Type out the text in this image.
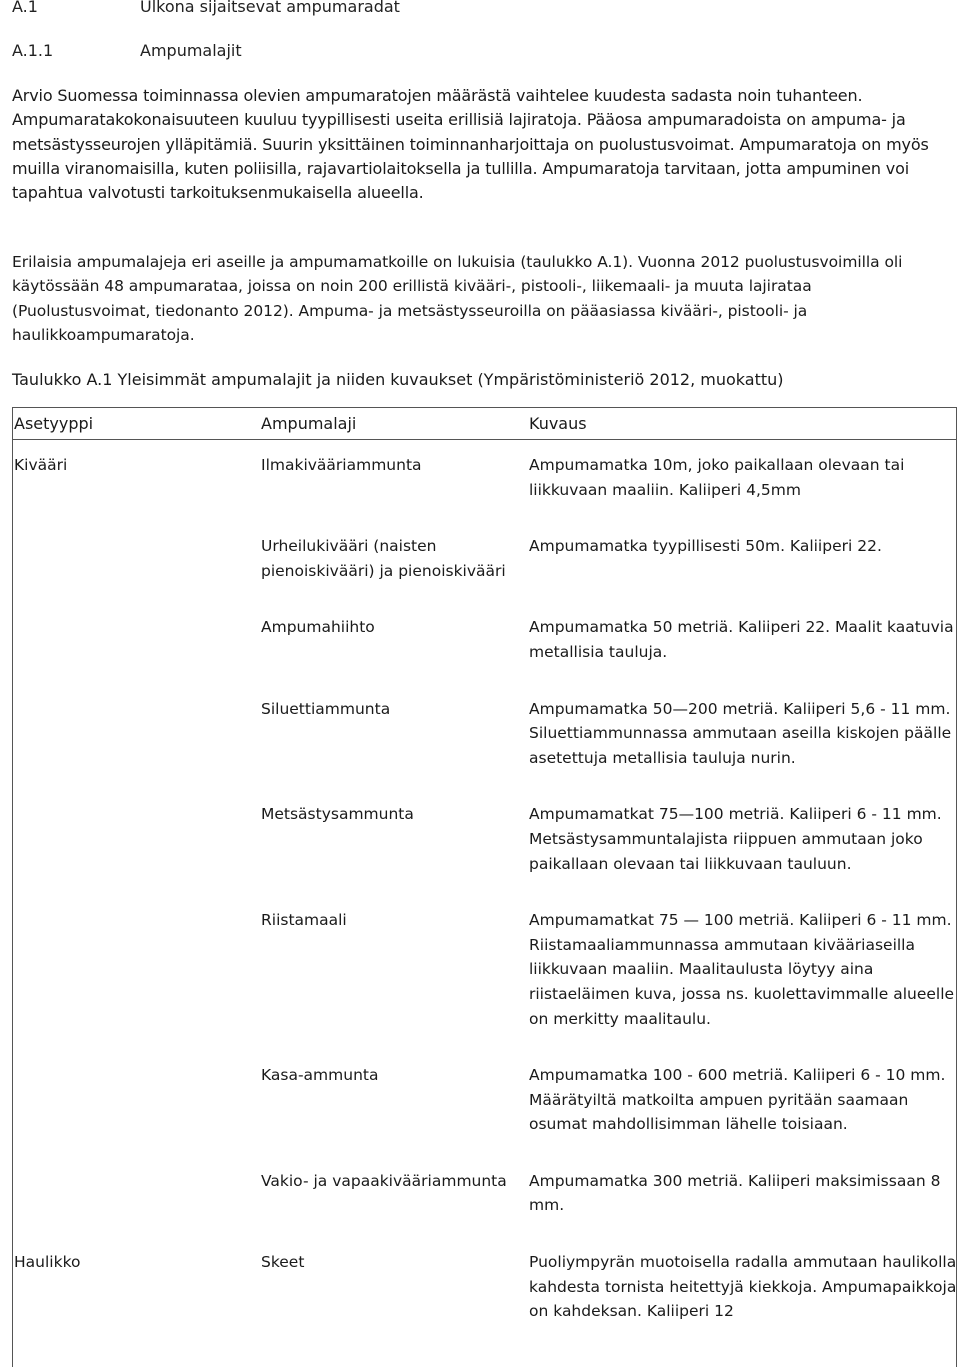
A.1	Ulkona sijaitsevat ampumaradat
A.1.1	Ampumalajit

Arvio Suomessa toiminnassa olevien ampumaratojen määrästä vaihtelee kuudesta sadasta noin tuhanteen. Ampumaratakokonaisuuteen kuuluu tyypillisesti useita erillisiä lajiratoja. Pääosa ampumaradoista on ampuma- ja metsästysseurojen ylläpitämiä. Suurin yksittäinen toiminnanharjoittaja on puolustusvoimat. Ampumaratoja on myös muilla viranomaisilla, kuten poliisilla, rajavartiolaitoksella ja tullilla. Ampumaratoja tarvitaan, jotta ampuminen voi tapahtua valvotusti tarkoituksenmukaisella alueella.

Erilaisia ampumalajeja eri aseille ja ampumamatkoille on lukuisia (taulukko A.1). Vuonna 2012 puolustusvoimilla oli käytössään 48 ampumarataa, joissa on noin 200 erillistä kivääri-, pistooli-, liikemaali- ja muuta lajirataa (Puolustusvoimat, tiedonanto 2012). Ampuma- ja metsästysseuroilla on pääasiassa kivääri-, pistooli- ja haulikkoampumaratoja.

Taulukko A.1 Yleisimmät ampumalajit ja niiden kuvaukset (Ympäristöministeriö 2012, muokattu)

Asetyyppi	Ampumalaji	Kuvaus
Kivääri	Ilmakivääriammunta	Ampumamatka 10m, joko paikallaan olevaan tai liikkuvaan maaliin. Kaliiperi 4,5mm
	Urheilukivääri (naisten pienoiskivääri) ja pienoiskivääri	Ampumamatka tyypillisesti 50m. Kaliiperi 22.
	Ampumahiihto	Ampumamatka 50 metriä. Kaliiperi 22. Maalit kaatuvia metallisia tauluja.
	Siluettiammunta	Ampumamatka 50—200 metriä. Kaliiperi 5,6 - 11 mm. Siluettiammunnassa ammutaan aseilla kiskojen päälle asetettuja metallisia tauluja nurin.
	Metsästysammunta	Ampumamatkat 75—100 metriä. Kaliiperi 6 - 11 mm. Metsästysammuntalajista riippuen ammutaan joko paikallaan olevaan tai liikkuvaan tauluun.
	Riistamaali	Ampumamatkat 75 — 100 metriä. Kaliiperi 6 - 11 mm. Riistamaaliammunnassa ammutaan kivääriaseilla liikkuvaan maaliin. Maalitaulusta löytyy aina riistaeläimen kuva, jossa ns. kuolettavimmalle alueelle on merkitty maalitaulu.
	Kasa-ammunta	Ampumamatka 100 - 600 metriä. Kaliiperi 6 - 10 mm. Määrätyiltä matkoilta ampuen pyritään saamaan osumat mahdollisimman lähelle toisiaan.
	Vakio- ja vapaakivääriammunta	Ampumamatka 300 metriä. Kaliiperi maksimissaan 8 mm.
Haulikko	Skeet	Puoliympyrän muotoisella radalla ammutaan haulikolla kahdesta tornista heitettyjä kiekkoja. Ampumapaikkoja on kahdeksan. Kaliiperi 12
